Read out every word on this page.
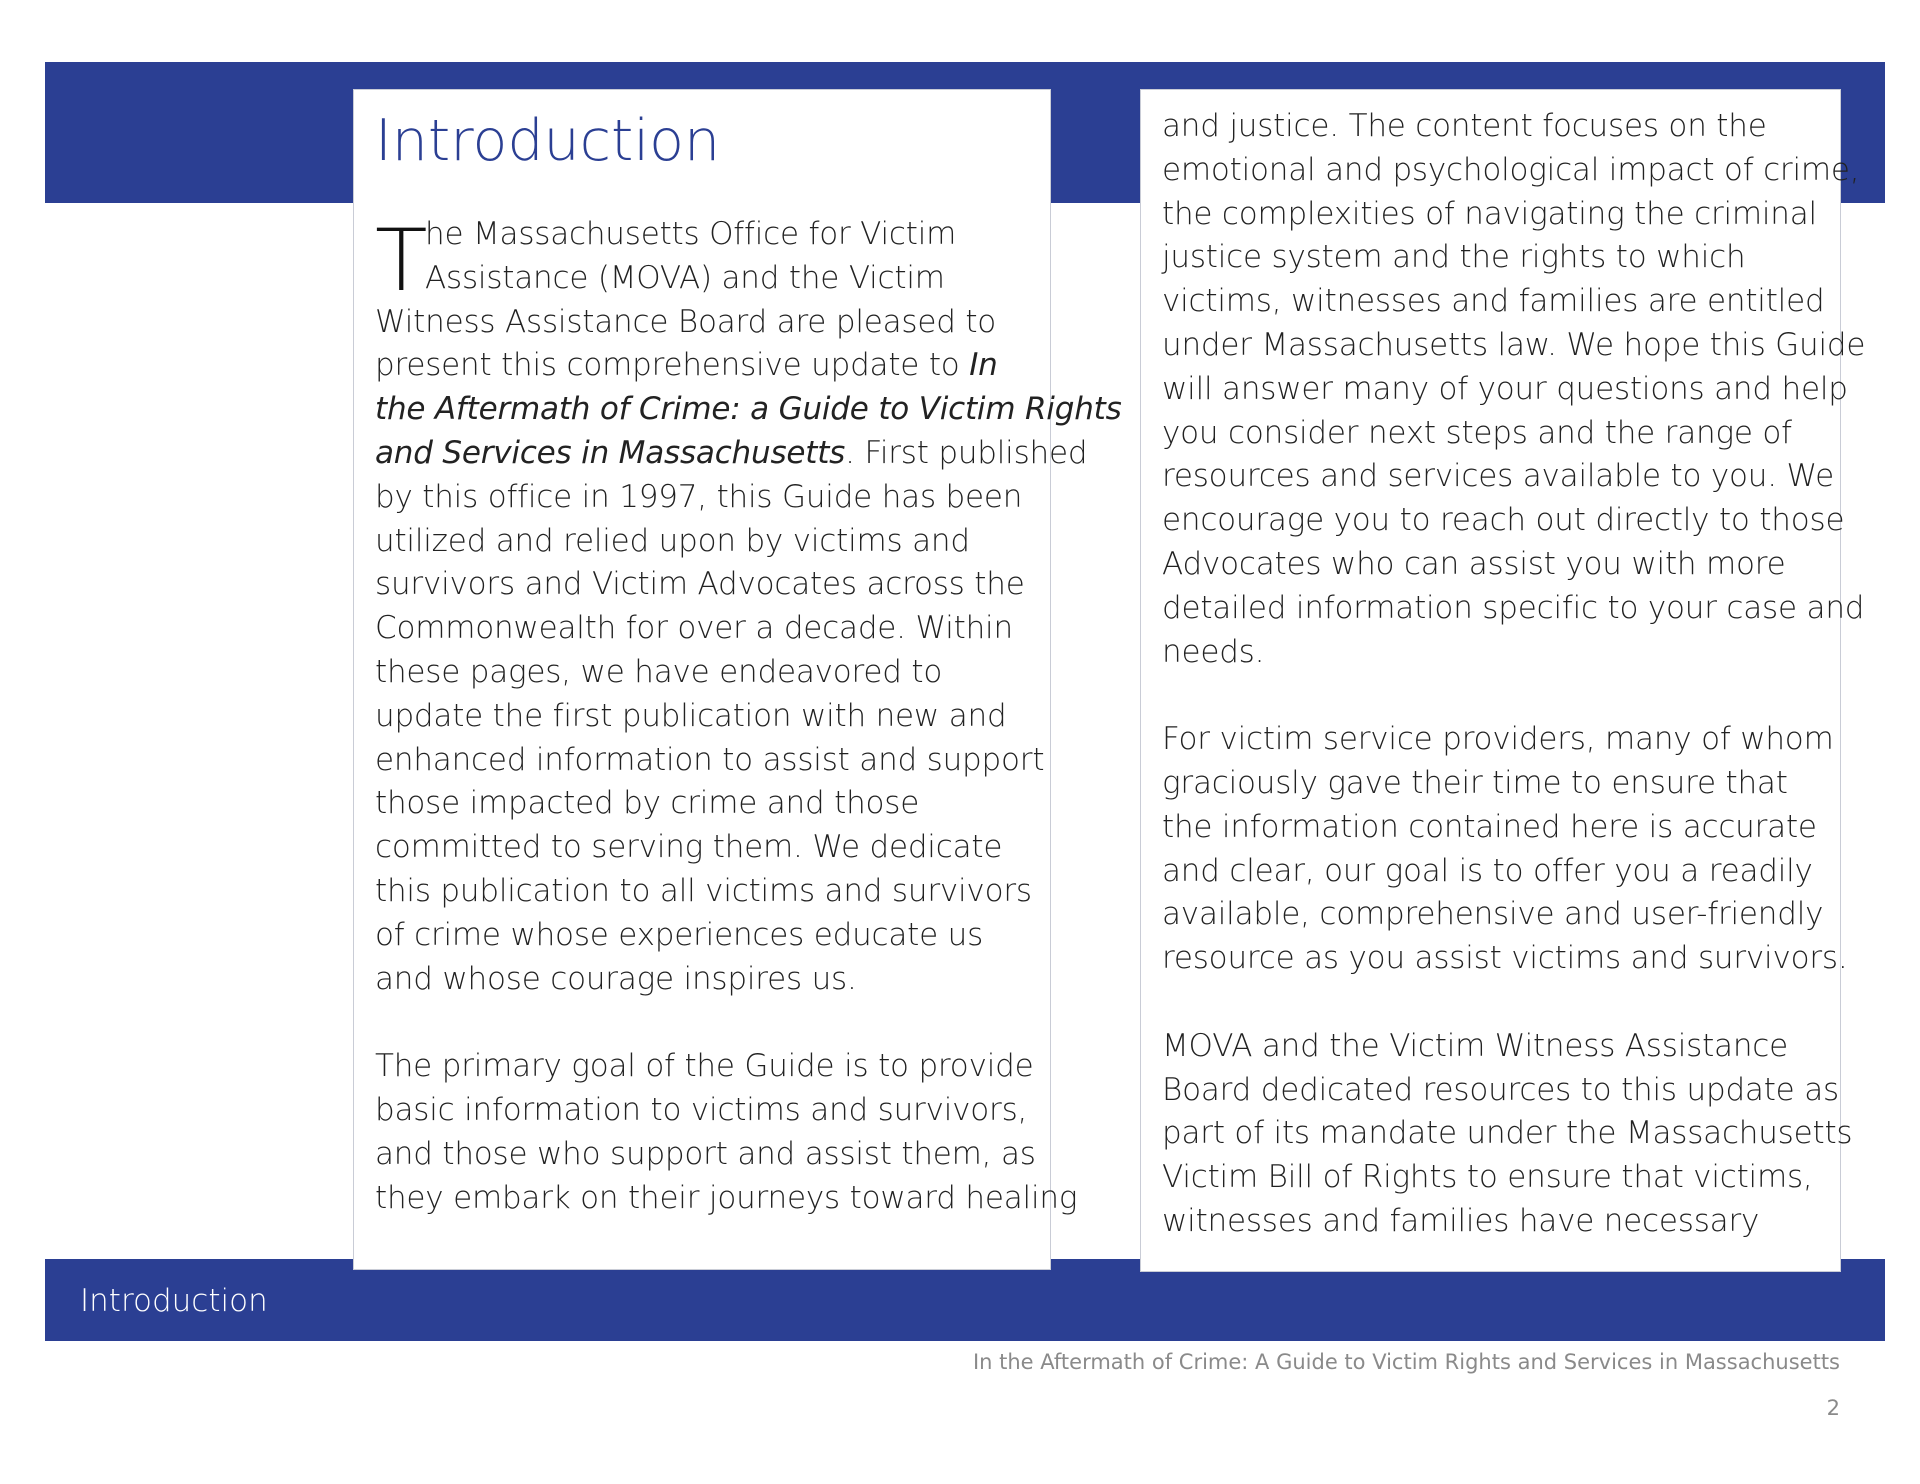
Introduction
Introduction
T
he Massachusetts Office for Victim
Assistance (MOVA) and the Victim
Witness Assistance Board are pleased to
present this comprehensive update to In
the Aftermath of Crime: a Guide to Victim Rights
and Services in Massachusetts. First published
by this office in 1997, this Guide has been
utilized and relied upon by victims and
survivors and Victim Advocates across the
Commonwealth for over a decade. Within
these pages, we have endeavored to
update the first publication with new and
enhanced information to assist and support
those impacted by crime and those
committed to serving them. We dedicate
this publication to all victims and survivors
of crime whose experiences educate us
and whose courage inspires us.
The primary goal of the Guide is to provide
basic information to victims and survivors,
and those who support and assist them, as
they embark on their journeys toward healing
and justice. The content focuses on the
emotional and psychological impact of crime,
the complexities of navigating the criminal
justice system and the rights to which
victims, witnesses and families are entitled
under Massachusetts law. We hope this Guide
will answer many of your questions and help
you consider next steps and the range of
resources and services available to you. We
encourage you to reach out directly to those
Advocates who can assist you with more
detailed information specific to your case and
needs.
For victim service providers, many of whom
graciously gave their time to ensure that
the information contained here is accurate
and clear, our goal is to offer you a readily
available, comprehensive and user-friendly
resource as you assist victims and survivors.
MOVA and the Victim Witness Assistance
Board dedicated resources to this update as
part of its mandate under the Massachusetts
Victim Bill of Rights to ensure that victims,
witnesses and families have necessary
In the Aftermath of Crime: A Guide to Victim Rights and Services in Massachusetts
2
